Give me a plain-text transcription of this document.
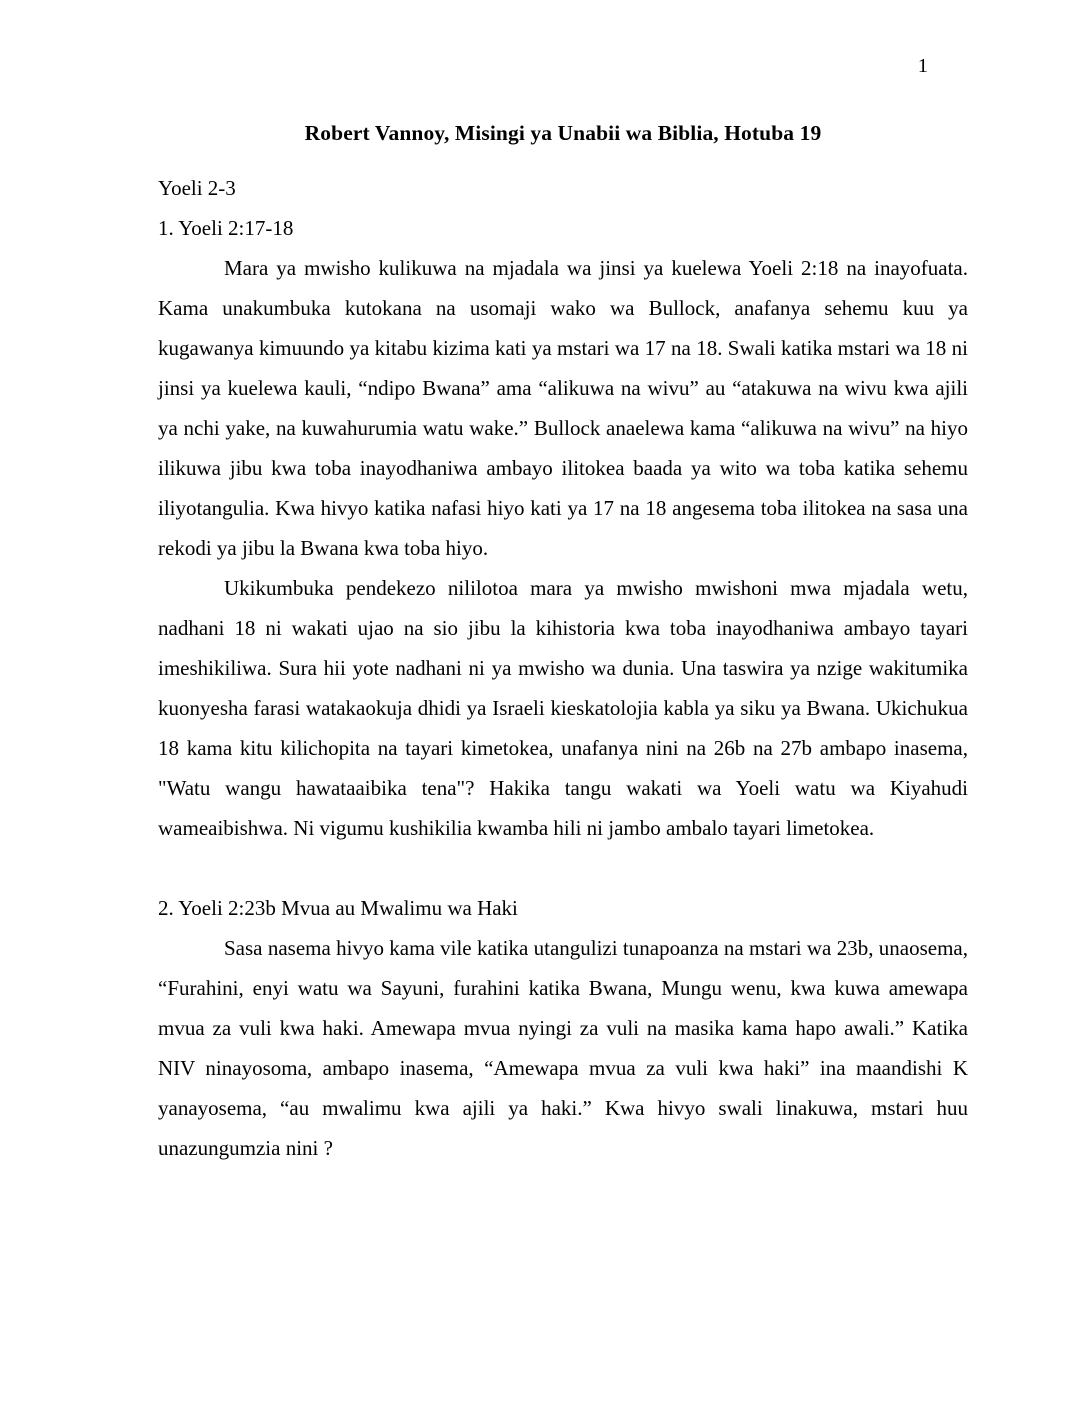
1
Robert Vannoy, Misingi ya Unabii wa Biblia, Hotuba 19

Yoeli 2-3

1. Yoeli 2:17-18

Mara ya mwisho kulikuwa na mjadala wa jinsi ya kuelewa Yoeli 2:18 na inayofuata. Kama unakumbuka kutokana na usomaji wako wa Bullock, anafanya sehemu kuu ya kugawanya kimuundo ya kitabu kizima kati ya mstari wa 17 na 18. Swali katika mstari wa 18 ni jinsi ya kuelewa kauli, “ndipo Bwana” ama “alikuwa na wivu” au “atakuwa na wivu kwa ajili ya nchi yake, na kuwahurumia watu wake.” Bullock anaelewa kama “alikuwa na wivu” na hiyo ilikuwa jibu kwa toba inayodhaniwa ambayo ilitokea baada ya wito wa toba katika sehemu iliyotangulia. Kwa hivyo katika nafasi hiyo kati ya 17 na 18 angesema toba ilitokea na sasa una rekodi ya jibu la Bwana kwa toba hiyo.

Ukikumbuka pendekezo nililotoa mara ya mwisho mwishoni mwa mjadala wetu, nadhani 18 ni wakati ujao na sio jibu la kihistoria kwa toba inayodhaniwa ambayo tayari imeshikiliwa. Sura hii yote nadhani ni ya mwisho wa dunia. Una taswira ya nzige wakitumika kuonyesha farasi watakaokuja dhidi ya Israeli kieskatolojia kabla ya siku ya Bwana. Ukichukua 18 kama kitu kilichopita na tayari kimetokea, unafanya nini na 26b na 27b ambapo inasema, "Watu wangu hawataaibika tena"? Hakika tangu wakati wa Yoeli watu wa Kiyahudi wameaibishwa. Ni vigumu kushikilia kwamba hili ni jambo ambalo tayari limetokea.

2. Yoeli 2:23b Mvua au Mwalimu wa Haki

Sasa nasema hivyo kama vile katika utangulizi tunapoanza na mstari wa 23b, unaosema, “Furahini, enyi watu wa Sayuni, furahini katika Bwana, Mungu wenu, kwa kuwa amewapa mvua za vuli kwa haki. Amewapa mvua nyingi za vuli na masika kama hapo awali.” Katika NIV ninayosoma, ambapo inasema, “Amewapa mvua za vuli kwa haki” ina maandishi K yanayosema, “au mwalimu kwa ajili ya haki.” Kwa hivyo swali linakuwa, mstari huu unazungumzia nini ?
